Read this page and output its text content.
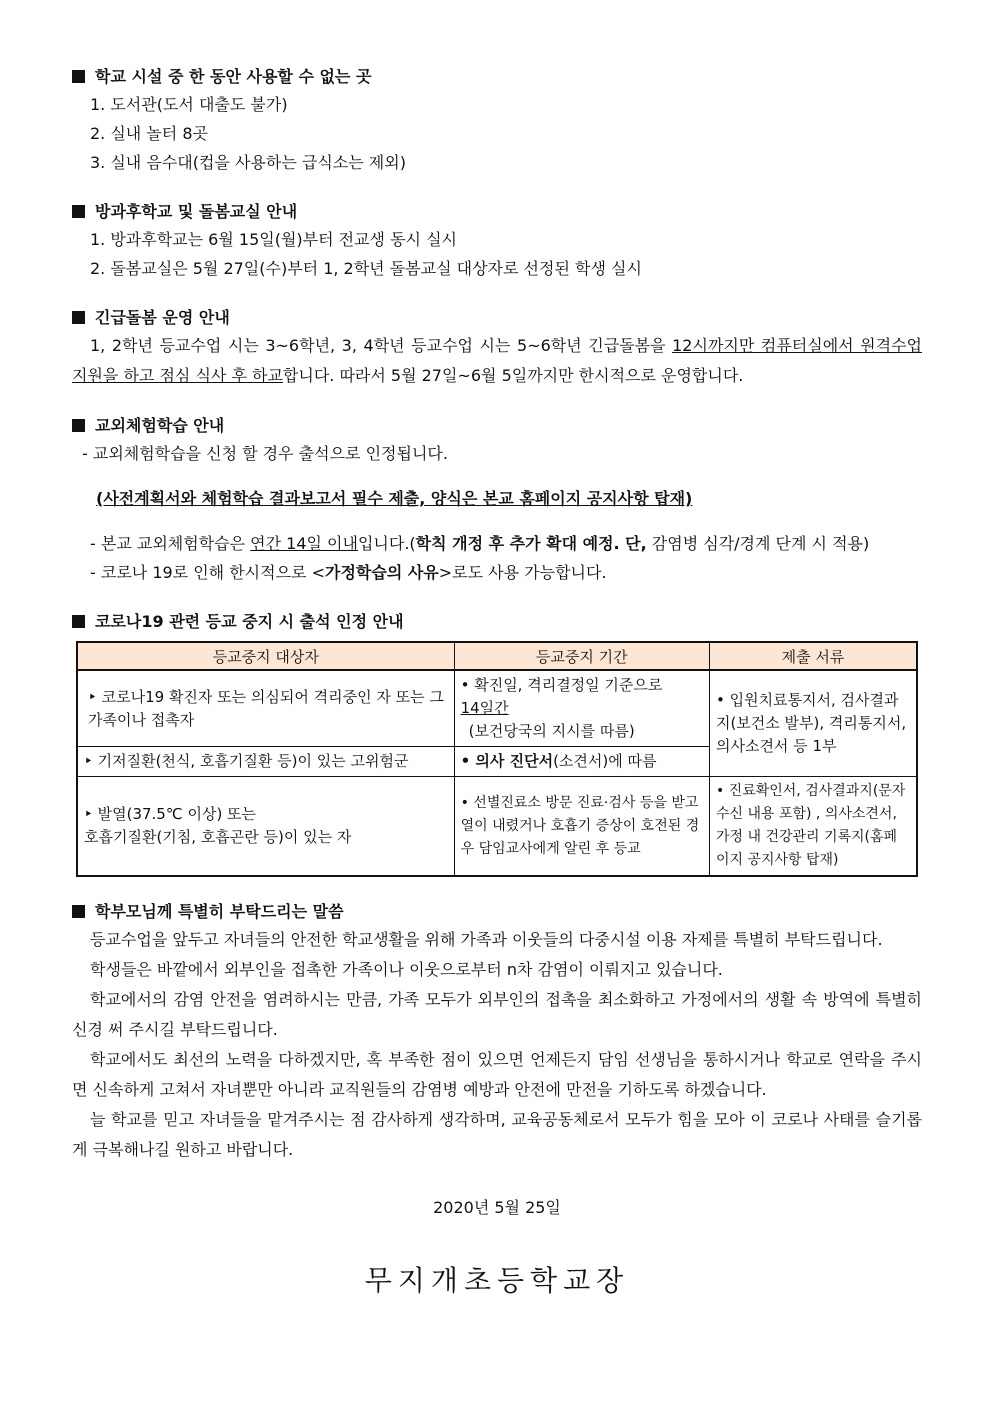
학교 시설 중 한 동안 사용할 수 없는 곳

1. 도서관(도서 대출도 불가)

2. 실내 놀터 8곳

3. 실내 음수대(컵을 사용하는 급식소는 제외)

방과후학교 및 돌봄교실 안내

1. 방과후학교는 6월 15일(월)부터 전교생 동시 실시

2. 돌봄교실은 5월 27일(수)부터 1, 2학년 돌봄교실 대상자로 선정된 학생 실시

긴급돌봄 운영 안내

1, 2학년 등교수업 시는 3~6학년, 3, 4학년 등교수업 시는 5~6학년 긴급돌봄을 12시까지만 컴퓨터실에서 원격수업 지원을 하고 점심 식사 후 하교합니다. 따라서 5월 27일~6월 5일까지만 한시적으로 운영합니다.

교외체험학습 안내

- 교외체험학습을 신청 할 경우 출석으로 인정됩니다.

(사전계획서와 체험학습 결과보고서 필수 제출, 양식은 본교 홈페이지 공지사항 탑재)

- 본교 교외체험학습은 연간 14일 이내입니다.(학칙 개정 후 추가 확대 예정. 단, 감염병 심각/경계 단계 시 적용)

- 코로나 19로 인해 한시적으로 <가정학습의 사유>로도 사용 가능합니다.

코로나19 관련 등교 중지 시 출석 인정 안내

등교중지 대상자	등교중지 기간	제출 서류
‣ 코로나19 확진자 또는 의심되어 격리중인 자 또는 그 가족이나 접촉자	• 확진일, 격리결정일 기준으로
14일간
(보건당국의 지시를 따름)	• 입원치료통지서, 검사결과지(보건소 발부), 격리통지서, 의사소견서 등 1부
‣ 기저질환(천식, 호흡기질환 등)이 있는 고위험군	• 의사 진단서(소견서)에 따름	

‣ 발열(37.5℃ 이상) 또는
호흡기질환(기침, 호흡곤란 등)이 있는 자	• 선별진료소 방문 진료·검사 등을 받고 열이 내렸거나 호흡기 증상이 호전된 경우 담임교사에게 알린 후 등교	• 진료확인서, 검사결과지(문자수신 내용 포함) , 의사소견서, 가정 내 건강관리 기록지(홈페이지 공지사항 탑재)

학부모님께 특별히 부탁드리는 말씀

등교수업을 앞두고 자녀들의 안전한 학교생활을 위해 가족과 이웃들의 다중시설 이용 자제를 특별히 부탁드립니다.

학생들은 바깥에서 외부인을 접촉한 가족이나 이웃으로부터 n차 감염이 이뤄지고 있습니다.

학교에서의 감염 안전을 염려하시는 만큼, 가족 모두가 외부인의 접촉을 최소화하고 가정에서의 생활 속 방역에 특별히 신경 써 주시길 부탁드립니다.

학교에서도 최선의 노력을 다하겠지만, 혹 부족한 점이 있으면 언제든지 담임 선생님을 통하시거나 학교로 연락을 주시면 신속하게 고쳐서 자녀뿐만 아니라 교직원들의 감염병 예방과 안전에 만전을 기하도록 하겠습니다.

늘 학교를 믿고 자녀들을 맡겨주시는 점 감사하게 생각하며, 교육공동체로서 모두가 힘을 모아 이 코로나 사태를 슬기롭게 극복해나길 원하고 바랍니다.

2020년 5월 25일

무지개초등학교장
